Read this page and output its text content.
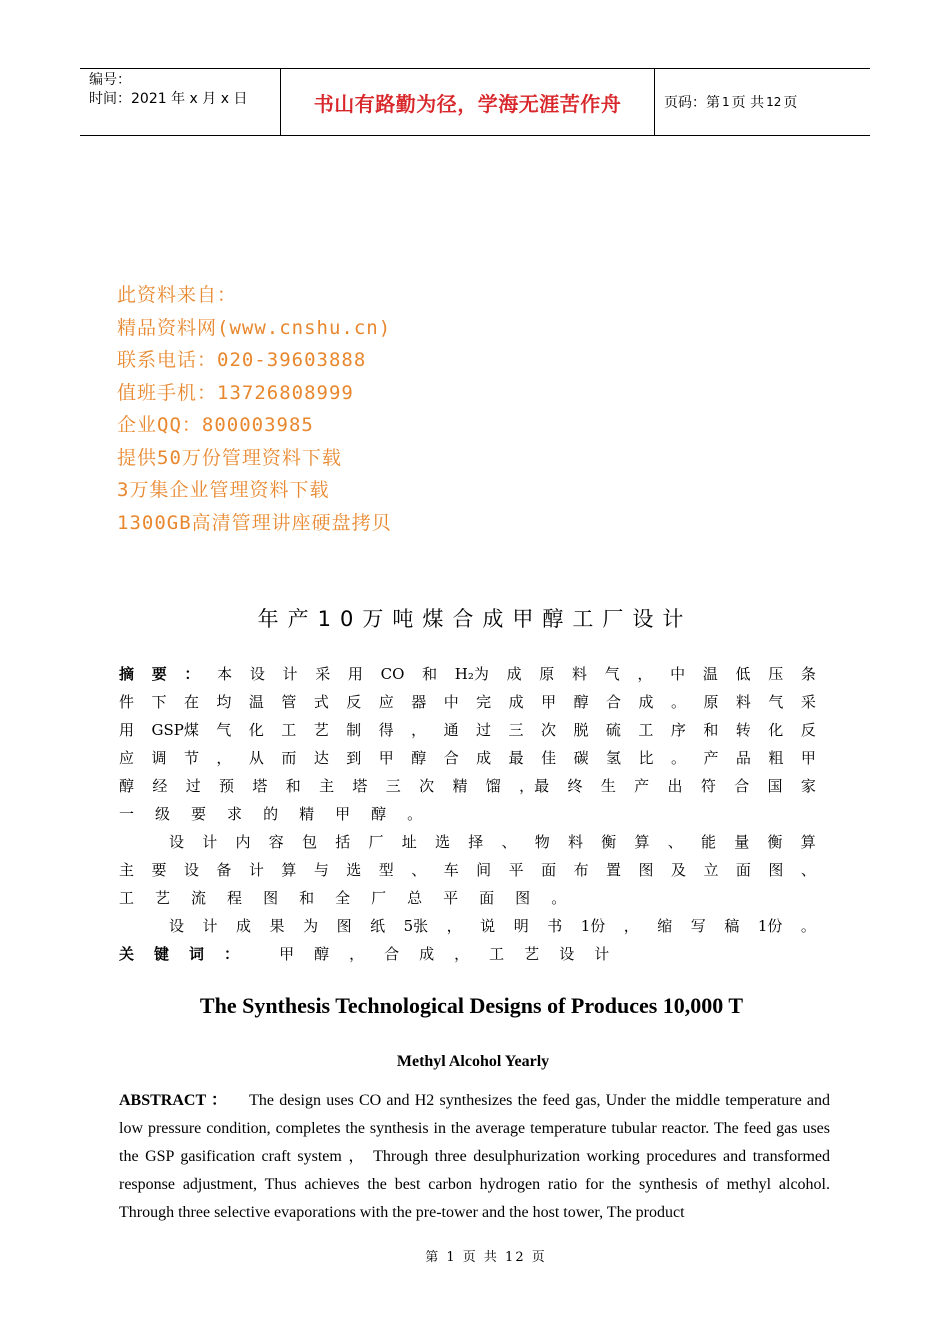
编号：
时间：2021 年 x 月 x 日	书山有路勤为径，学海无涯苦作舟	页码：第 1 页 共 12 页
此资料来自：
精品资料网(www.cnshu.cn)
联系电话：020-39603888
值班手机：13726808999
企业QQ：800003985
提供50万份管理资料下载
3万集企业管理资料下载
1300GB高清管理讲座硬盘拷贝
年产10万吨煤合成甲醇工厂设计
摘 要 ： 本 设 计 采 用 CO 和 H₂为 成 原 料 气 ， 中 温 低 压 条
件 下 在 均 温 管 式 反 应 器 中 完 成 甲 醇 合 成 。 原 料 气 采
用 GSP煤 气 化 工 艺 制 得 ， 通 过 三 次 脱 硫 工 序 和 转 化 反
应 调 节 ， 从 而 达 到 甲 醇 合 成 最 佳 碳 氢 比 。 产 品 粗 甲
醇 经 过 预 塔 和 主 塔 三 次 精 馏 ，最 终 生 产 出 符 合 国 家
一 级 要 求 的 精 甲 醇 。
设 计 内 容 包 括 厂 址 选 择 、 物 料 衡 算 、 能 量 衡 算
主 要 设 备 计 算 与 选 型 、 车 间 平 面 布 置 图 及 立 面 图 、
工 艺 流 程 图 和 全 厂 总 平 面 图 。
设 计 成 果 为 图 纸 5张 ， 说 明 书 1份 ， 缩 写 稿 1份 。
关 键 词 ：	甲 醇 ， 合 成 ， 工 艺 设 计
The Synthesis Technological Designs of Produces 10,000 T
Methyl Alcohol Yearly
ABSTRACT ： The design uses CO and H2 synthesizes the feed gas, Under the middle temperature and low pressure condition, completes the synthesis in the average temperature tubular reactor. The feed gas uses the GSP gasification craft system ， Through three desulphurization working procedures and transformed response adjustment, Thus achieves the best carbon hydrogen ratio for the synthesis of methyl alcohol. Through three selective evaporations with the pre-tower and the host tower, The product
第 1 页 共 12 页
